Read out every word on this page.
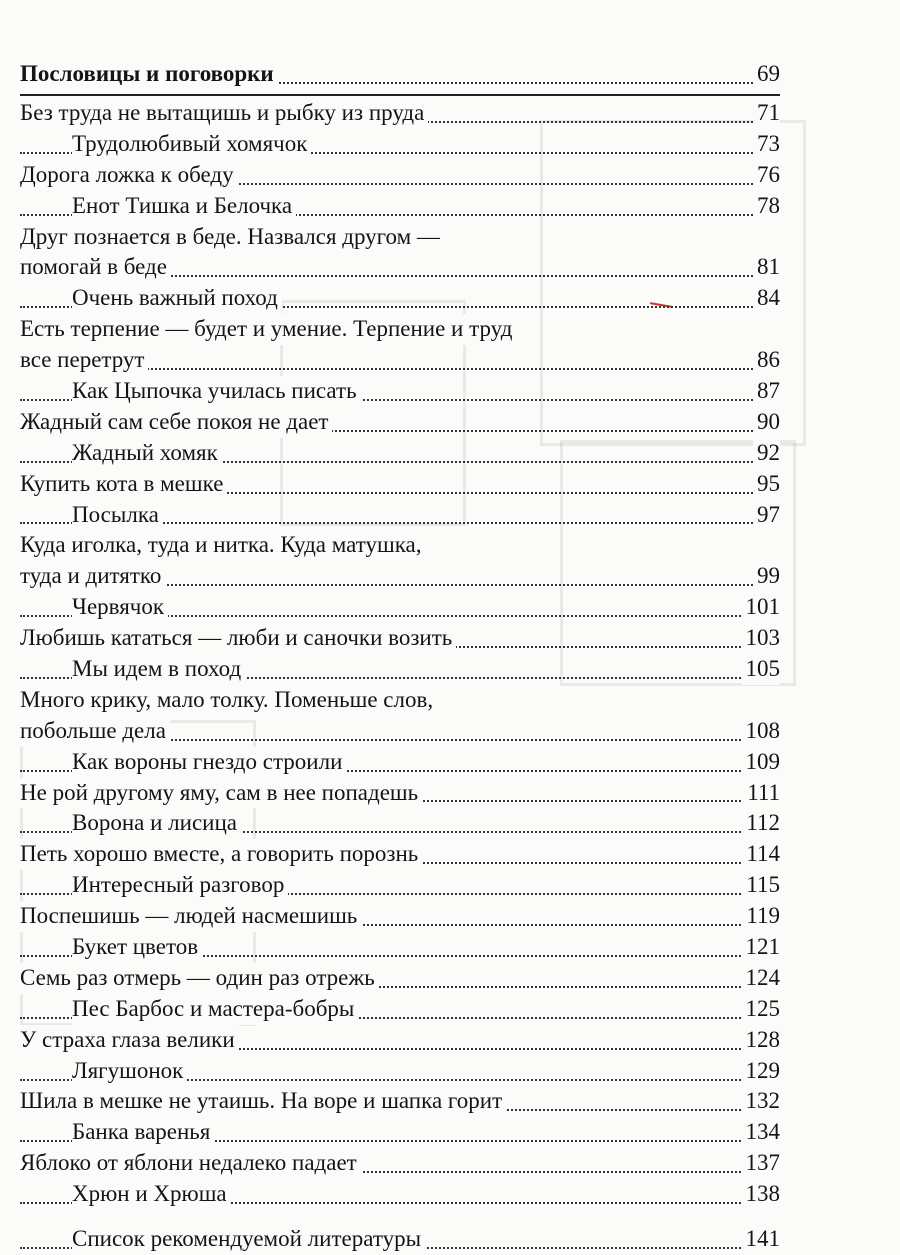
Пословицы и поговорки	69
Без труда не вытащишь и рыбку из пруда	71
Трудолюбивый хомячок	73
Дорога ложка к обеду	76
Енот Тишка и Белочка	78
Друг познается в беде. Назвался другом —
помогай в беде	81
Очень важный поход	84
Есть терпение — будет и умение. Терпение и труд
все перетрут	86
Как Цыпочка училась писать	87
Жадный сам себе покоя не дает	90
Жадный хомяк	92
Купить кота в мешке	95
Посылка	97
Куда иголка, туда и нитка. Куда матушка,
туда и дитятко	99
Червячок	101
Любишь кататься — люби и саночки возить	103
Мы идем в поход	105
Много крику, мало толку. Поменьше слов,
побольше дела	108
Как вороны гнездо строили	109
Не рой другому яму, сам в нее попадешь	111
Ворона и лисица	112
Петь хорошо вместе, а говорить порознь	114
Интересный разговор	115
Поспешишь — людей насмешишь	119
Букет цветов	121
Семь раз отмерь — один раз отрежь	124
Пес Барбос и мастера-бобры	125
У страха глаза велики	128
Лягушонок	129
Шила в мешке не утаишь. На воре и шапка горит	132
Банка варенья	134
Яблоко от яблони недалеко падает	137
Хрюн и Хрюша	138
Список рекомендуемой литературы	141
